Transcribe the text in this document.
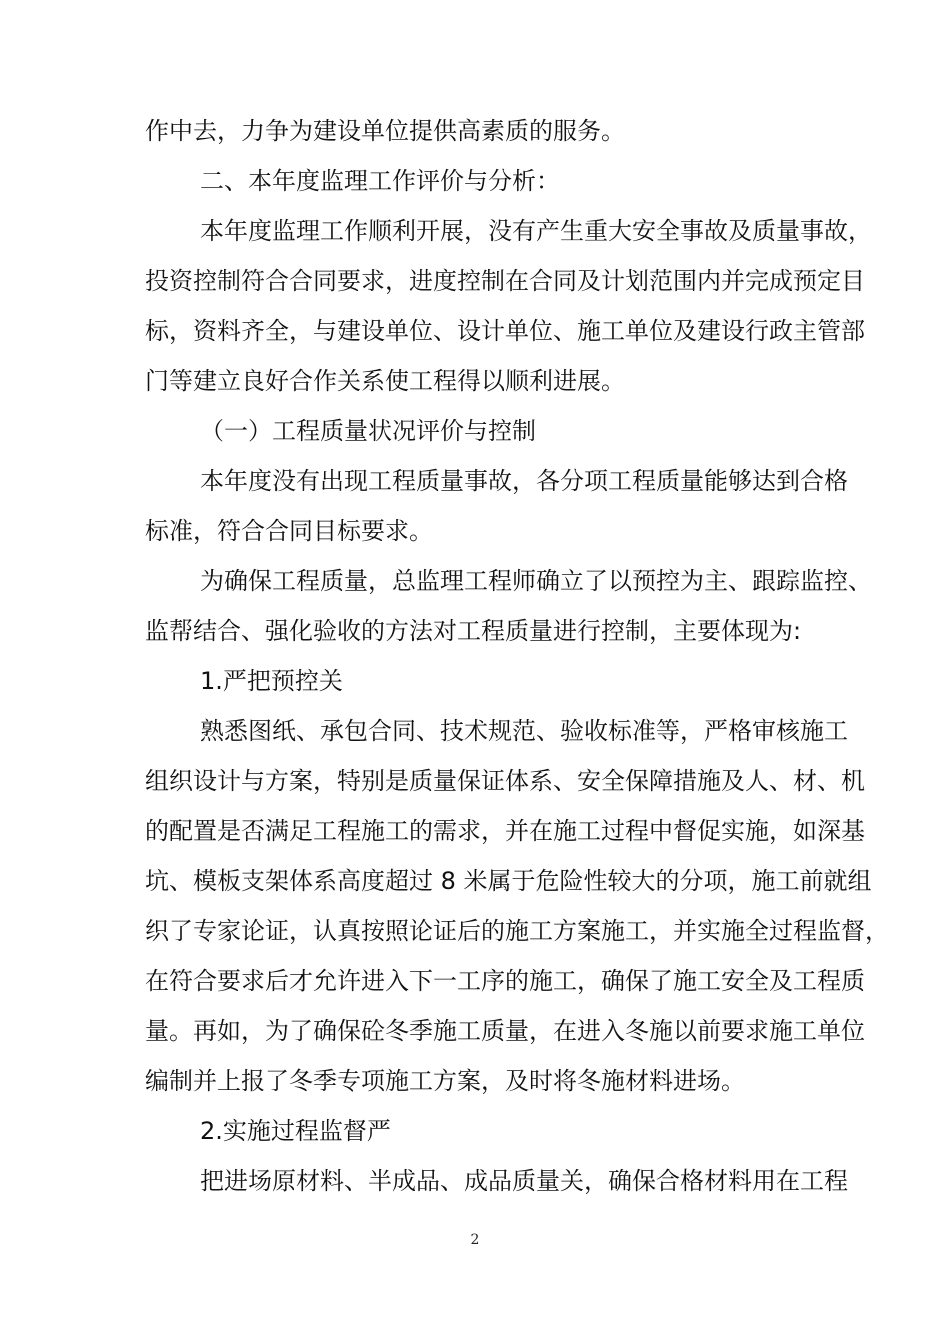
作中去，力争为建设单位提供高素质的服务。
二、本年度监理工作评价与分析：
本年度监理工作顺利开展，没有产生重大安全事故及质量事故，
投资控制符合合同要求，进度控制在合同及计划范围内并完成预定目
标，资料齐全，与建设单位、设计单位、施工单位及建设行政主管部
门等建立良好合作关系使工程得以顺利进展。
（一）工程质量状况评价与控制
本年度没有出现工程质量事故，各分项工程质量能够达到合格
标准，符合合同目标要求。
为确保工程质量，总监理工程师确立了以预控为主、跟踪监控、
监帮结合、强化验收的方法对工程质量进行控制，主要体现为:
1.严把预控关
熟悉图纸、承包合同、技术规范、验收标准等，严格审核施工
组织设计与方案，特别是质量保证体系、安全保障措施及人、材、机
的配置是否满足工程施工的需求，并在施工过程中督促实施，如深基
坑、模板支架体系高度超过 8 米属于危险性较大的分项，施工前就组
织了专家论证，认真按照论证后的施工方案施工，并实施全过程监督，
在符合要求后才允许进入下一工序的施工，确保了施工安全及工程质
量。再如，为了确保砼冬季施工质量，在进入冬施以前要求施工单位
编制并上报了冬季专项施工方案，及时将冬施材料进场。
2.实施过程监督严
把进场原材料、半成品、成品质量关，确保合格材料用在工程
2
